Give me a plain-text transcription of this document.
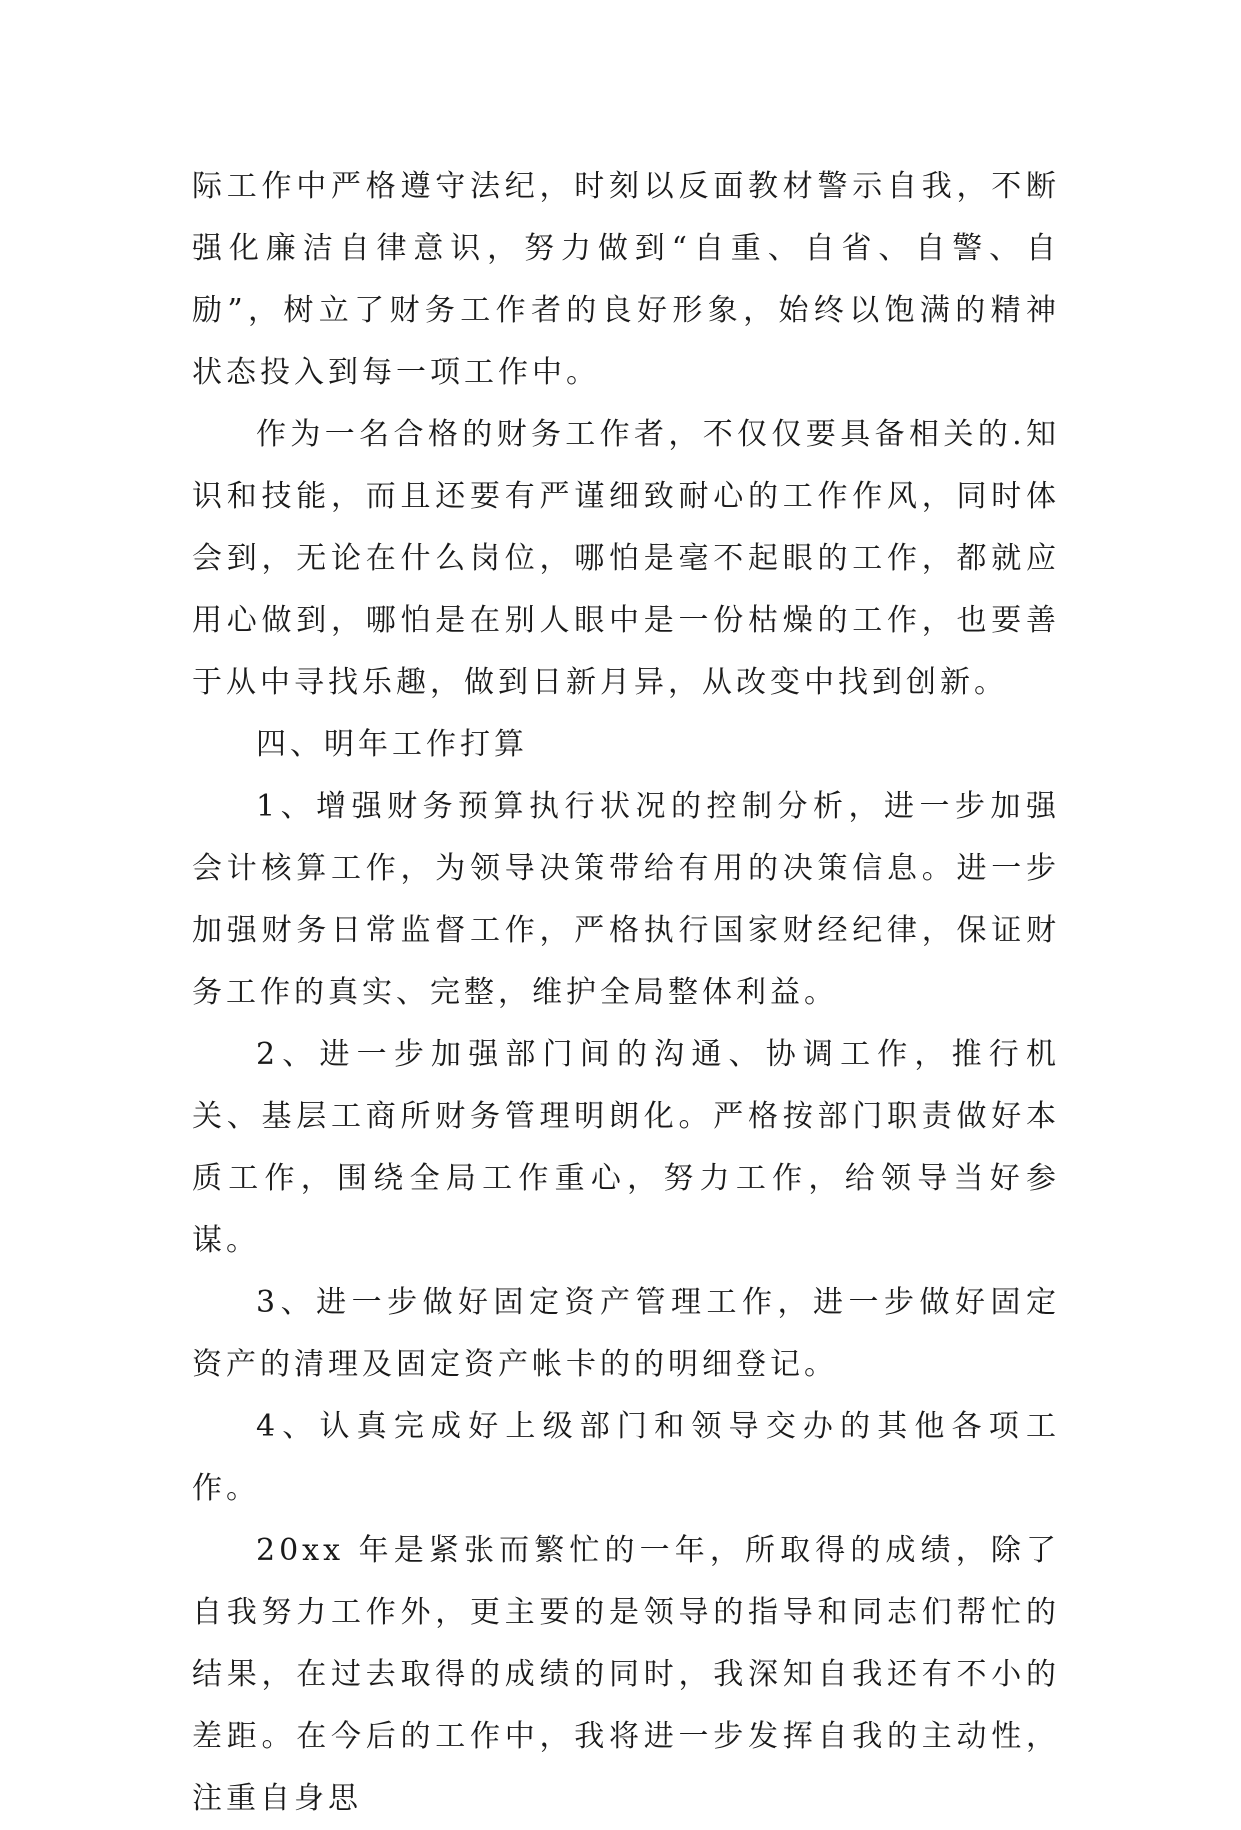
际工作中严格遵守法纪，时刻以反面教材警示自我，不断强化廉洁自律意识，努力做到“自重、自省、自警、自励”，树立了财务工作者的良好形象，始终以饱满的精神状态投入到每一项工作中。

作为一名合格的财务工作者，不仅仅要具备相关的.知识和技能，而且还要有严谨细致耐心的工作作风，同时体会到，无论在什么岗位，哪怕是毫不起眼的工作，都就应用心做到，哪怕是在别人眼中是一份枯燥的工作，也要善于从中寻找乐趣，做到日新月异，从改变中找到创新。

四、明年工作打算

1、增强财务预算执行状况的控制分析，进一步加强会计核算工作，为领导决策带给有用的决策信息。进一步加强财务日常监督工作，严格执行国家财经纪律，保证财务工作的真实、完整，维护全局整体利益。

2、进一步加强部门间的沟通、协调工作，推行机关、基层工商所财务管理明朗化。严格按部门职责做好本质工作，围绕全局工作重心，努力工作，给领导当好参谋。

3、进一步做好固定资产管理工作，进一步做好固定资产的清理及固定资产帐卡的的明细登记。

4、认真完成好上级部门和领导交办的其他各项工作。

20xx 年是紧张而繁忙的一年，所取得的成绩，除了自我努力工作外，更主要的是领导的指导和同志们帮忙的结果，在过去取得的成绩的同时，我深知自我还有不小的差距。在今后的工作中，我将进一步发挥自我的主动性，注重自身思
